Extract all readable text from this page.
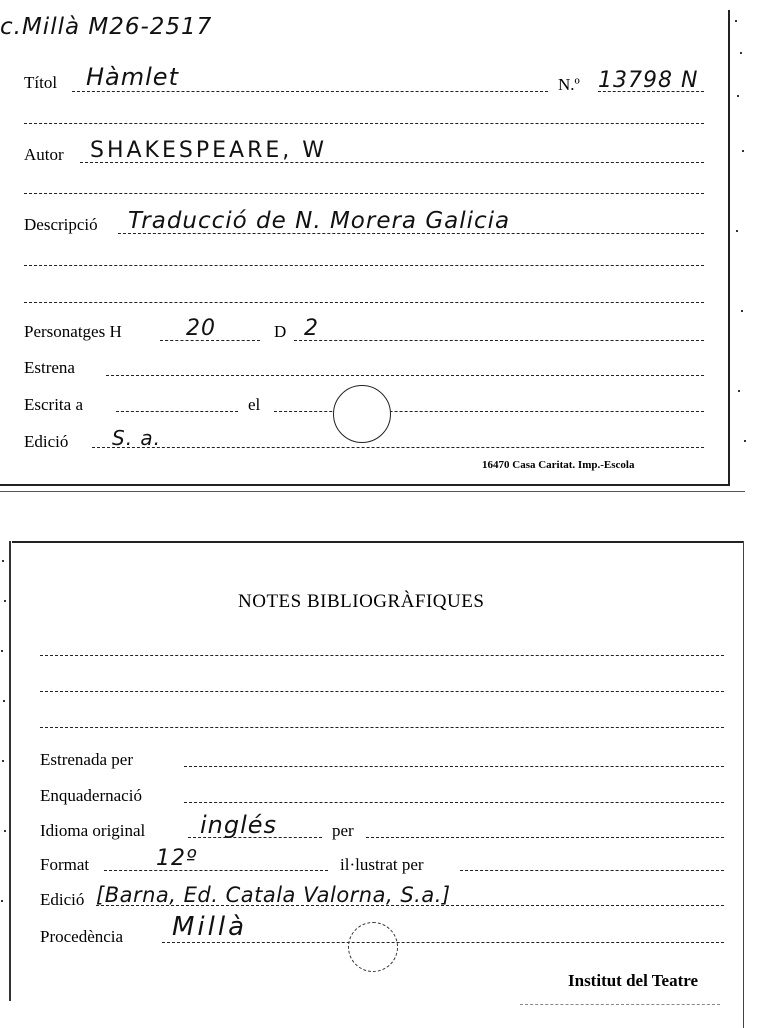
c.Millà M26-2517
Títol Hàmlet	N.º 13798 N
Autor SHAKESPEARE, W
Descripció Traducció de N. Morera Galicia
Personatges H	20	D 2
Estrena
Escrita a	el
Edició S. a.
16470 Casa Caritat. Imp.-Escola
NOTES BIBLIOGRÀFIQUES
Estrenada per
Enquadernació
Idioma original inglés	per
Format	12º	il·lustrat per
Edició [Barna, Ed. Catala Valorna, S.a.]
Procedència Millà
Institut del Teatre
